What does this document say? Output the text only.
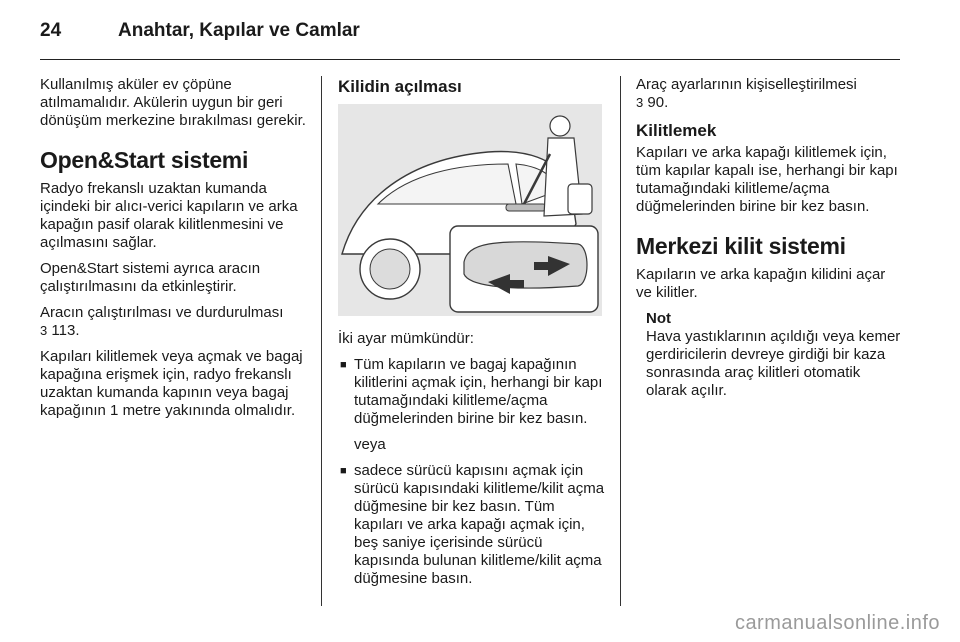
24	Anahtar, Kapılar ve Camlar

Kullanılmış aküler ev çöpüne atılmamalıdır. Akülerin uygun bir geri dönüşüm merkezine bırakılması gerekir.

Open&Start sistemi

Radyo frekanslı uzaktan kumanda içindeki bir alıcı-verici kapıların ve arka kapağın pasif olarak kilitlenmesini ve açılmasını sağlar.

Open&Start sistemi ayrıca aracın çalıştırılmasını da etkinleştirir.

Aracın çalıştırılması ve durdurulması
3 113.

Kapıları kilitlemek veya açmak ve bagaj kapağına erişmek için, radyo frekanslı uzaktan kumanda kapının veya bagaj kapağının 1 metre yakınında olmalıdır.

Kilidin açılması

İki ayar mümkündür:

■ Tüm kapıların ve bagaj kapağının kilitlerini açmak için, herhangi bir kapı tutamağındaki kilitleme/açma düğmelerinden birine bir kez basın.

veya

■ sadece sürücü kapısını açmak için sürücü kapısındaki kilitleme/kilit açma düğmesine bir kez basın. Tüm kapıları ve arka kapağı açmak için, beş saniye içerisinde sürücü kapısında bulunan kilitleme/kilit açma düğmesine basın.

Araç ayarlarının kişiselleştirilmesi
3 90.

Kilitlemek

Kapıları ve arka kapağı kilitlemek için, tüm kapılar kapalı ise, herhangi bir kapı tutamağındaki kilitleme/açma düğmelerinden birine bir kez basın.

Merkezi kilit sistemi

Kapıların ve arka kapağın kilidini açar ve kilitler.

Not
Hava yastıklarının açıldığı veya kemer gerdiricilerin devreye girdiği bir kaza sonrasında araç kilitleri otomatik olarak açılır.
carmanualsonline.info
